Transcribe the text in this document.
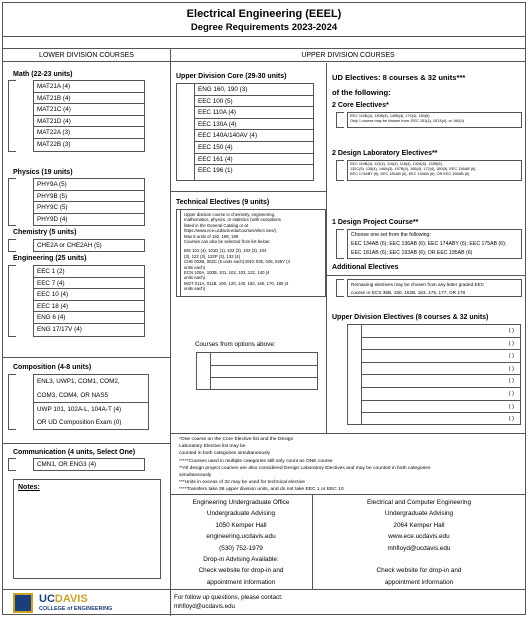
Electrical Engineering (EEEL)
Degree Requirements 2023-2024
LOWER DIVISION COURSES	UPPER DIVISION COURSES
Math (22-23 units)
MAT21A (4)
MAT21B (4)
MAT21C (4)
MAT21D (4)
MAT22A (3)
MAT22B (3)
Physics (19 units)
PHY9A (5)
PHY9B (5)
PHY9C (5)
PHY9D (4)
Chemistry (5 units)
CHE2A or CHE2AH (5)
Engineering (25 units)
EEC 1 (2)
EEC 7 (4)
EEC 10 (4)
EEC 18 (4)
ENG 6 (4)
ENG 17/17V (4)
Composition (4-8 units)
ENL3, UWP1, COM1, COM2,
COM3, COM4, OR NAS5
UWP 101, 102A-L, 104A-T (4)
OR UD Composition Exam (0)
Communication (4 units, Select One)
CMN1, OR ENG3 (4)
Notes:
UCDAVIS
COLLEGE of ENGINEERING
Upper Division Core (29-30 units)
ENG 160, 190 (3)
EEC 100 (5)
EEC 110A (4)
EEC 130A (4)
EEC 140A/140AV (4)
EEC 150 (4)
EEC 161 (4)
EEC 196 (1)
Technical Electives (9 units)
Upper division course in chemistry, engineering,
mathematics, physics, or statistics (with exceptions
listed in the General Catalog or at
https://www.ece.ucdavis.edu/courses/elect ives/).
Max 6 units of 192, 198, 199
Courses can also be selected from list below:
BIS 101 (4), 101D (1), 102 (3), 103 (3), 104
(3), 122 (3), 122P (3), 132 (4)
CHE 002B, 002C (5 units each) ENG 035, 045, 045Y (4
units each)
ECN 100A, 100B, 101, 102, 103, 122, 140 (4
units each)
MGT 011A, 011B, 100, 120, 140, 150, 160, 170, 180 (4
units each)
Courses from options above:
UD Electives: 8 courses & 32 units***
of the following:
2 Core Electives*
EEC 110B(4), 130B(4), 140B(4), 170(4), 180(5)
Only 1 course may be chosen from: EEC 151(4), 157A(4), or 160(4)
2 Design Laboratory Electives**
EEC 110B(4), 112(4), 116(4), 118(4), 132A(5), 132B(5),
132C(5), 135(4), 146A(3), 157B(4), 165(4), 172(4), 180(5), EEC 136AB (6),
EEC 174ABY (6), EEC 181AB (6), EEC 193AB (6), OR EEC 195AB (6)
1 Design Project Course**
Choose one set from the following:
EEC 134AB (6); EEC 136AB (6); EEC 174ABY (6); EEC 175AB (6);
EEC 181AB (6); EEC 193AB (6); OR EEC 195AB (6)
Additional Electives
Remaining electives may be chosen from any letter graded EEC
course or ECS 36B, 150, 152B, 163, 175, 177, OR 178
Upper Division Electives (8 courses & 32 units)
( )
( )
( )
( )
( )
( )
( )
( )
*One course on the Core Elective list and the Design
Laboratory Elective list may be
counted in both categories simultaneously
*****Courses used in multiple categories still only count as ONE course
**All design project courses are also considered Design Laboratory Electives and may be counted in both categories
simultaneously
***Units in excess of 32 may be used for technical elective
****Transfers take 36 upper division units, and do not take EEC 1 or EEC 10
Engineering Undergraduate Office
Undergraduate Advising
1050 Kemper Hall
engineering.ucdavis.edu
(530) 752-1979
Drop-in Advising Available:
Check website for drop-in and
appointment information
Electrical and Computer Engineering
Undergraduate Advising
2064 Kemper Hall
www.ece.ucdavis.edu
mhfloyd@ucdavis.edu
Check website for drop-in and
appointment information
For follow up questions, please contact:
mhfloyd@ucdavis.edu
